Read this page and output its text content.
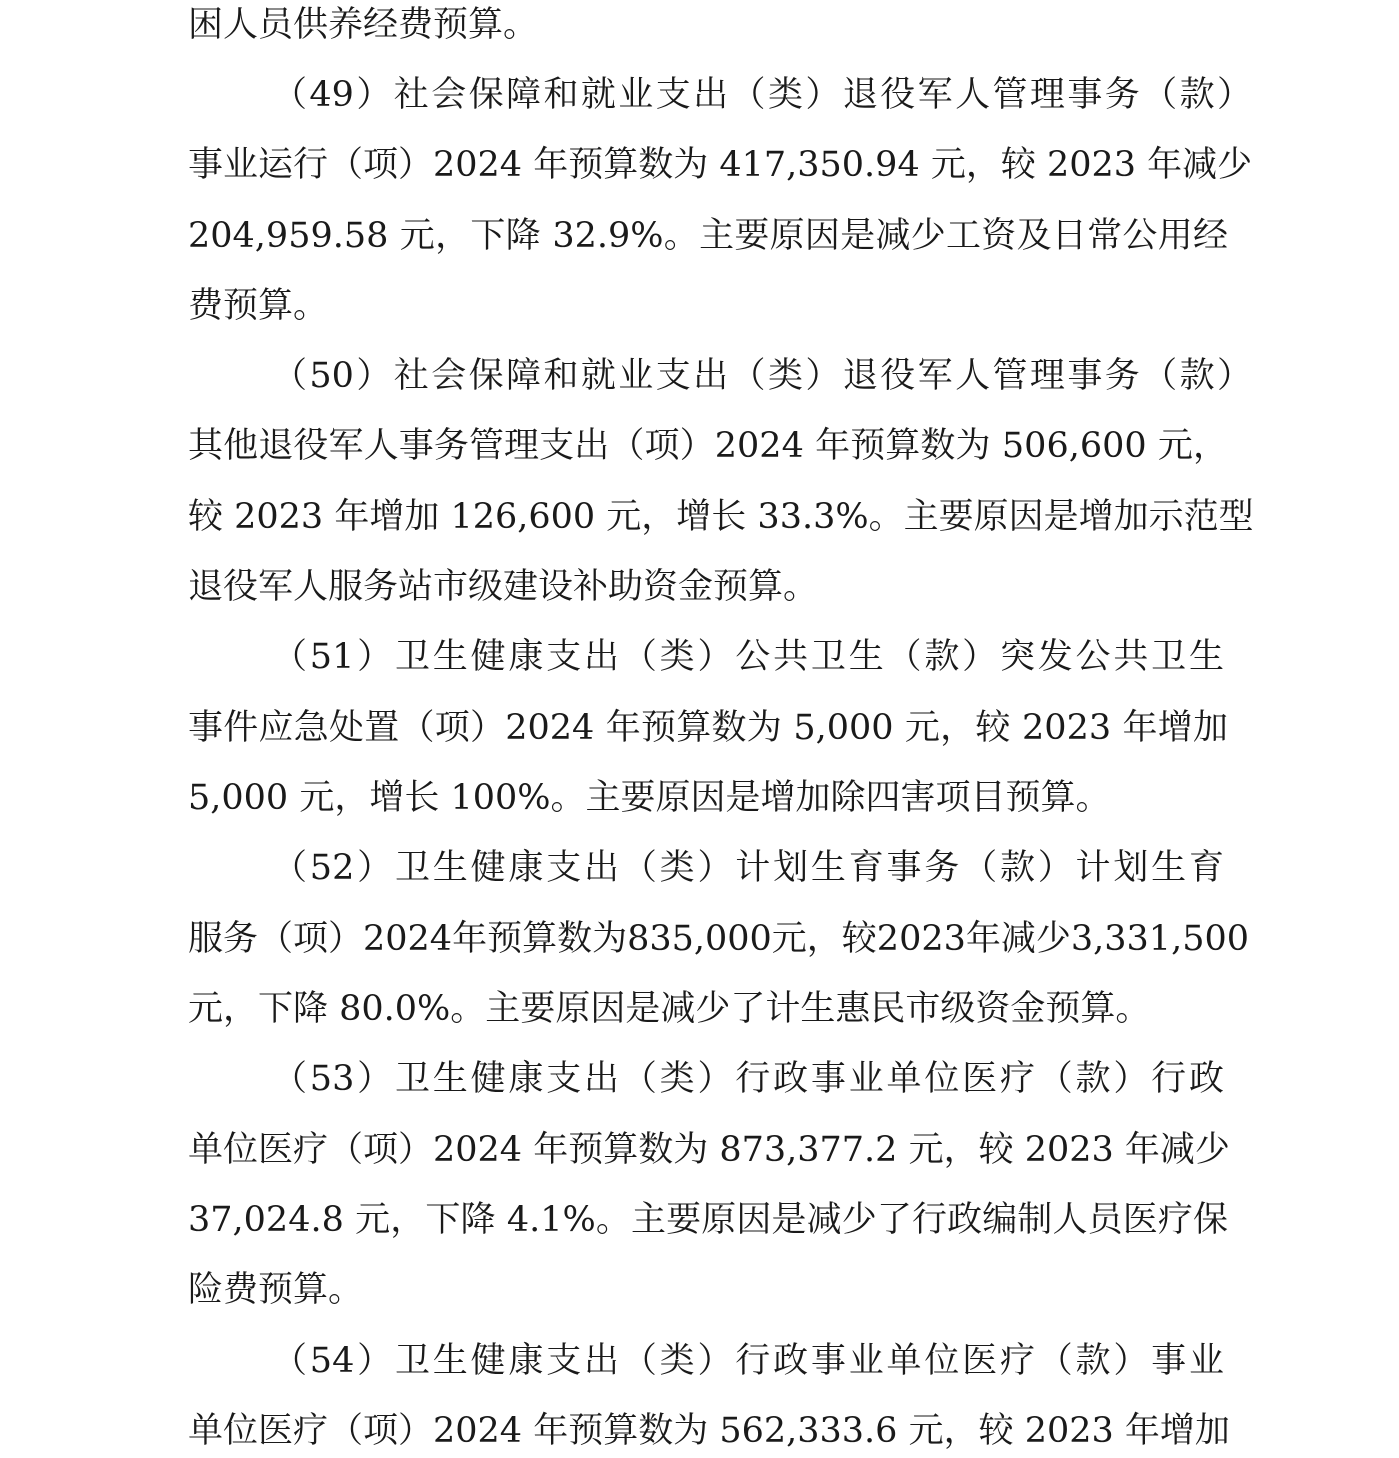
困人员供养经费预算。
（49）社会保障和就业支出（类）退役军人管理事务（款）
事业运行（项）2024 年预算数为 417,350.94 元，较 2023 年减少
204,959.58 元，下降 32.9%。主要原因是减少工资及日常公用经
费预算。
（50）社会保障和就业支出（类）退役军人管理事务（款）
其他退役军人事务管理支出（项）2024 年预算数为 506,600 元，
较 2023 年增加 126,600 元，增长 33.3%。主要原因是增加示范型
退役军人服务站市级建设补助资金预算。
（51）卫生健康支出（类）公共卫生（款）突发公共卫生
事件应急处置（项）2024 年预算数为 5,000 元，较 2023 年增加
5,000 元，增长 100%。主要原因是增加除四害项目预算。
（52）卫生健康支出（类）计划生育事务（款）计划生育
服务（项）2024年预算数为835,000元，较2023年减少3,331,500
元，下降 80.0%。主要原因是减少了计生惠民市级资金预算。
（53）卫生健康支出（类）行政事业单位医疗（款）行政
单位医疗（项）2024 年预算数为 873,377.2 元，较 2023 年减少
37,024.8 元，下降 4.1%。主要原因是减少了行政编制人员医疗保
险费预算。
（54）卫生健康支出（类）行政事业单位医疗（款）事业
单位医疗（项）2024 年预算数为 562,333.6 元，较 2023 年增加
